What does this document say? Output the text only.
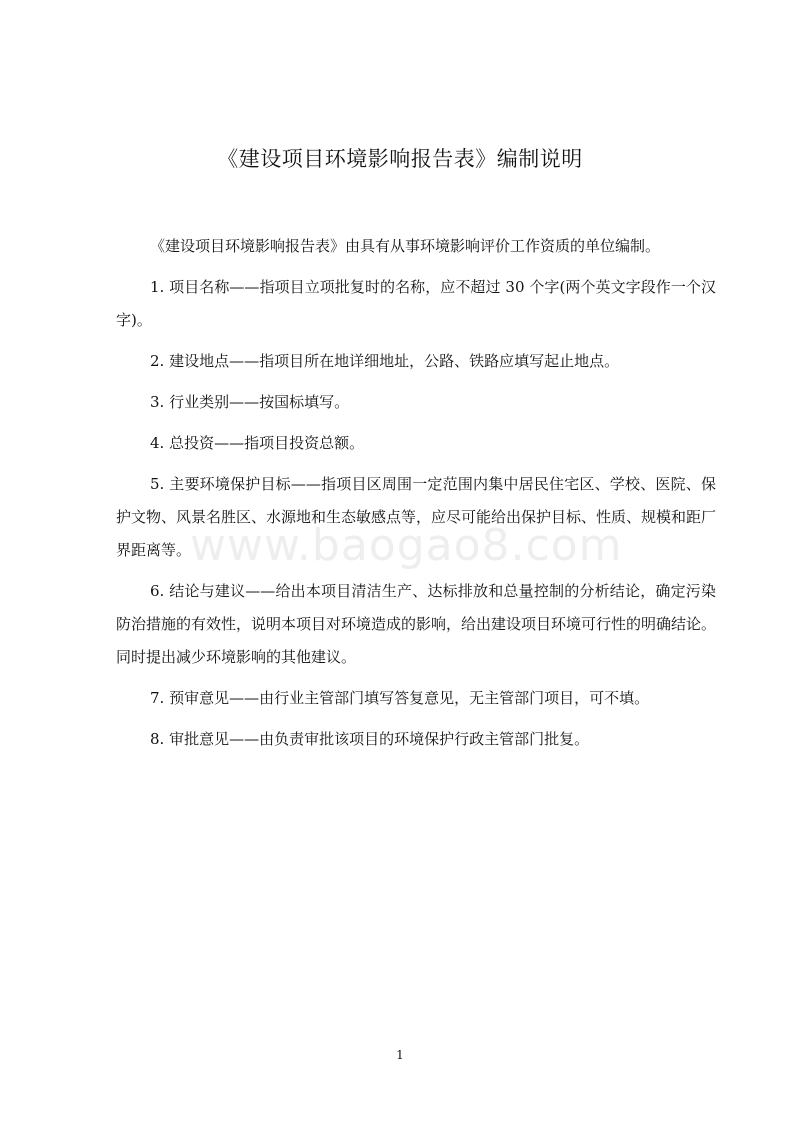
《建设项目环境影响报告表》编制说明

《建设项目环境影响报告表》由具有从事环境影响评价工作资质的单位编制。

1. 项目名称——指项目立项批复时的名称，应不超过 30 个字(两个英文字段作一个汉字)。

2. 建设地点——指项目所在地详细地址，公路、铁路应填写起止地点。

3. 行业类别——按国标填写。

4. 总投资——指项目投资总额。

5. 主要环境保护目标——指项目区周围一定范围内集中居民住宅区、学校、医院、保护文物、风景名胜区、水源地和生态敏感点等，应尽可能给出保护目标、性质、规模和距厂界距离等。

6. 结论与建议——给出本项目清洁生产、达标排放和总量控制的分析结论，确定污染防治措施的有效性，说明本项目对环境造成的影响，给出建设项目环境可行性的明确结论。同时提出减少环境影响的其他建议。

7. 预审意见——由行业主管部门填写答复意见，无主管部门项目，可不填。

8. 审批意见——由负责审批该项目的环境保护行政主管部门批复。

www.baogao8.com
1
